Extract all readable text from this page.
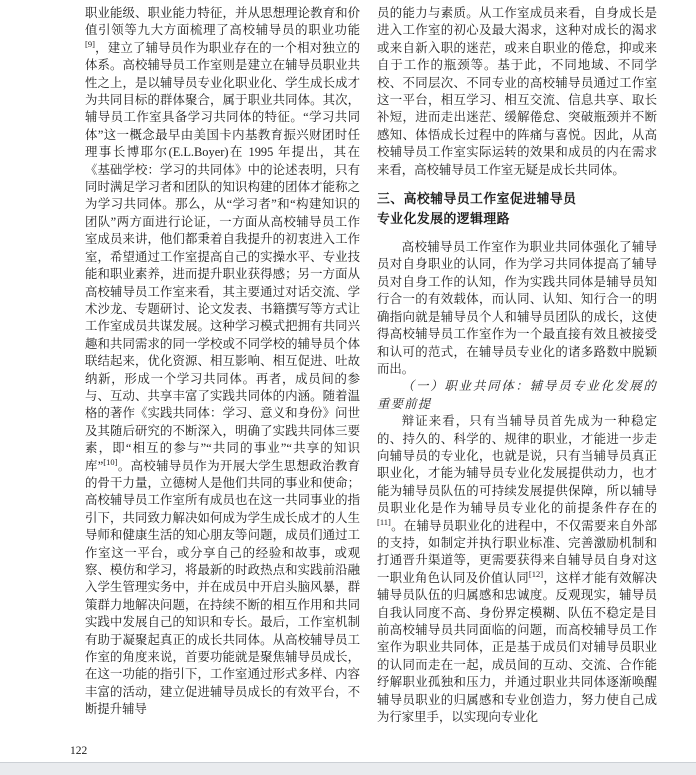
职业能级、职业能力特征，并从思想理论教育和价值引领等九大方面梳理了高校辅导员的职业功能[9]，建立了辅导员作为职业存在的一个相对独立的体系。高校辅导员工作室则是建立在辅导员职业共性之上，是以辅导员专业化职业化、学生成长成才为共同目标的群体聚合，属于职业共同体。其次，辅导员工作室具备学习共同体的特征。“学习共同体”这一概念最早由美国卡内基教育振兴财团时任理事长博耶尔(E.L.Boyer)在 1995 年提出，其在《基础学校：学习的共同体》中的论述表明，只有同时满足学习者和团队的知识构建的团体才能称之为学习共同体。那么，从“学习者”和“构建知识的团队”两方面进行论证，一方面从高校辅导员工作室成员来讲，他们都秉着自我提升的初衷进入工作室，希望通过工作室提高自己的实操水平、专业技能和职业素养，进而提升职业获得感；另一方面从高校辅导员工作室来看，其主要通过对话交流、学术沙龙、专题研讨、论文发表、书籍撰写等方式让工作室成员共谋发展。这种学习模式把拥有共同兴趣和共同需求的同一学校或不同学校的辅导员个体联结起来，优化资源、相互影响、相互促进、吐故纳新，形成一个学习共同体。再者，成员间的参与、互动、共享丰富了实践共同体的内涵。随着温格的著作《实践共同体：学习、意义和身份》问世及其随后研究的不断深入，明确了实践共同体三要素，即“相互的参与”“共同的事业”“共享的知识库”[10]。高校辅导员作为开展大学生思想政治教育的骨干力量，立德树人是他们共同的事业和使命；高校辅导员工作室所有成员也在这一共同事业的指引下，共同致力解决如何成为学生成长成才的人生导师和健康生活的知心朋友等问题，成员们通过工作室这一平台，或分享自己的经验和故事，或观察、模仿和学习，将最新的时政热点和实践前沿融入学生管理实务中，并在成员中开启头脑风暴，群策群力地解决问题，在持续不断的相互作用和共同实践中发展自己的知识和专长。最后，工作室机制有助于凝聚起真正的成长共同体。从高校辅导员工作室的角度来说，首要功能就是聚焦辅导员成长，在这一功能的指引下，工作室通过形式多样、内容丰富的活动，建立促进辅导员成长的有效平台，不断提升辅导

员的能力与素质。从工作室成员来看，自身成长是进入工作室的初心及最大渴求，这种对成长的渴求或来自新入职的迷茫，或来自职业的倦怠，抑或来自于工作的瓶颈等。基于此，不同地域、不同学校、不同层次、不同专业的高校辅导员通过工作室这一平台，相互学习、相互交流、信息共享、取长补短，进而走出迷茫、缓解倦怠、突破瓶颈并不断感知、体悟成长过程中的阵痛与喜悦。因此，从高校辅导员工作室实际运转的效果和成员的内在需求来看，高校辅导员工作室无疑是成长共同体。

三、高校辅导员工作室促进辅导员
专业化发展的逻辑理路

高校辅导员工作室作为职业共同体强化了辅导员对自身职业的认同，作为学习共同体提高了辅导员对自身工作的认知，作为实践共同体是辅导员知行合一的有效载体，而认同、认知、知行合一的明确指向就是辅导员个人和辅导员团队的成长，这使得高校辅导员工作室作为一个最直接有效且被接受和认可的范式，在辅导员专业化的诸多路数中脱颖而出。

（一）职业共同体：辅导员专业化发展的重要前提

辩证来看，只有当辅导员首先成为一种稳定的、持久的、科学的、规律的职业，才能进一步走向辅导员的专业化，也就是说，只有当辅导员真正职业化，才能为辅导员专业化发展提供动力，也才能为辅导员队伍的可持续发展提供保障，所以辅导员职业化是作为辅导员专业化的前提条件存在的[11]。在辅导员职业化的进程中，不仅需要来自外部的支持，如制定并执行职业标准、完善激励机制和打通晋升渠道等，更需要获得来自辅导员自身对这一职业角色认同及价值认同[12]，这样才能有效解决辅导员队伍的归属感和忠诚度。反观现实，辅导员自我认同度不高、身份界定模糊、队伍不稳定是目前高校辅导员共同面临的问题，而高校辅导员工作室作为职业共同体，正是基于成员们对辅导员职业的认同而走在一起，成员间的互动、交流、合作能纾解职业孤独和压力，并通过职业共同体逐渐唤醒辅导员职业的归属感和专业创造力，努力使自己成为行家里手，以实现向专业化

122
